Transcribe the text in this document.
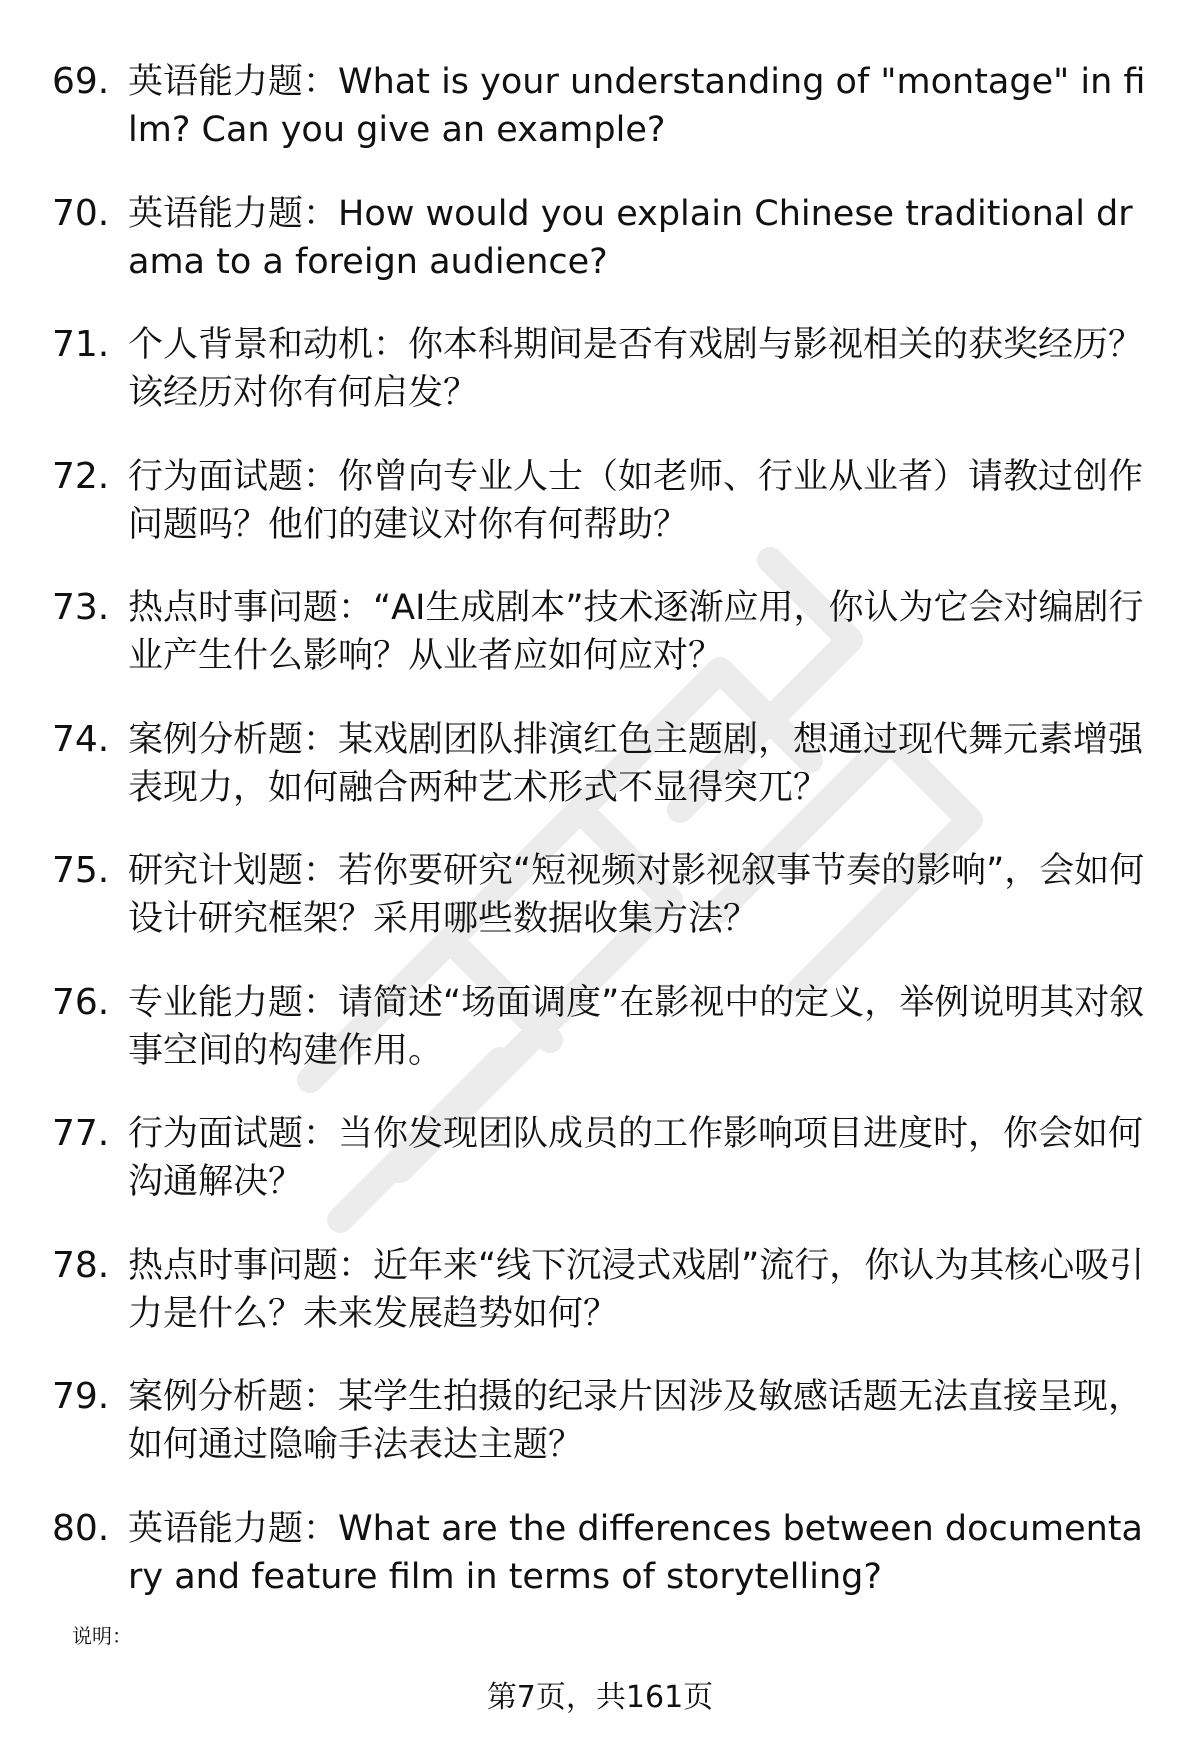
69. 英语能力题：What is your understanding of "montage" in film? Can you give an example?
70. 英语能力题：How would you explain Chinese traditional drama to a foreign audience?
71. 个人背景和动机：你本科期间是否有戏剧与影视相关的获奖经历？该经历对你有何启发？
72. 行为面试题：你曾向专业人士（如老师、行业从业者）请教过创作问题吗？他们的建议对你有何帮助？
73. 热点时事问题：“AI生成剧本”技术逐渐应用，你认为它会对编剧行业产生什么影响？从业者应如何应对？
74. 案例分析题：某戏剧团队排演红色主题剧，想通过现代舞元素增强表现力，如何融合两种艺术形式不显得突兀？
75. 研究计划题：若你要研究“短视频对影视叙事节奏的影响”，会如何设计研究框架？采用哪些数据收集方法？
76. 专业能力题：请简述“场面调度”在影视中的定义，举例说明其对叙事空间的构建作用。
77. 行为面试题：当你发现团队成员的工作影响项目进度时，你会如何沟通解决？
78. 热点时事问题：近年来“线下沉浸式戏剧”流行，你认为其核心吸引力是什么？未来发展趋势如何？
79. 案例分析题：某学生拍摄的纪录片因涉及敏感话题无法直接呈现，如何通过隐喻手法表达主题？
80. 英语能力题：What are the differences between documentary and feature film in terms of storytelling?
说明：
第7页，共161页
